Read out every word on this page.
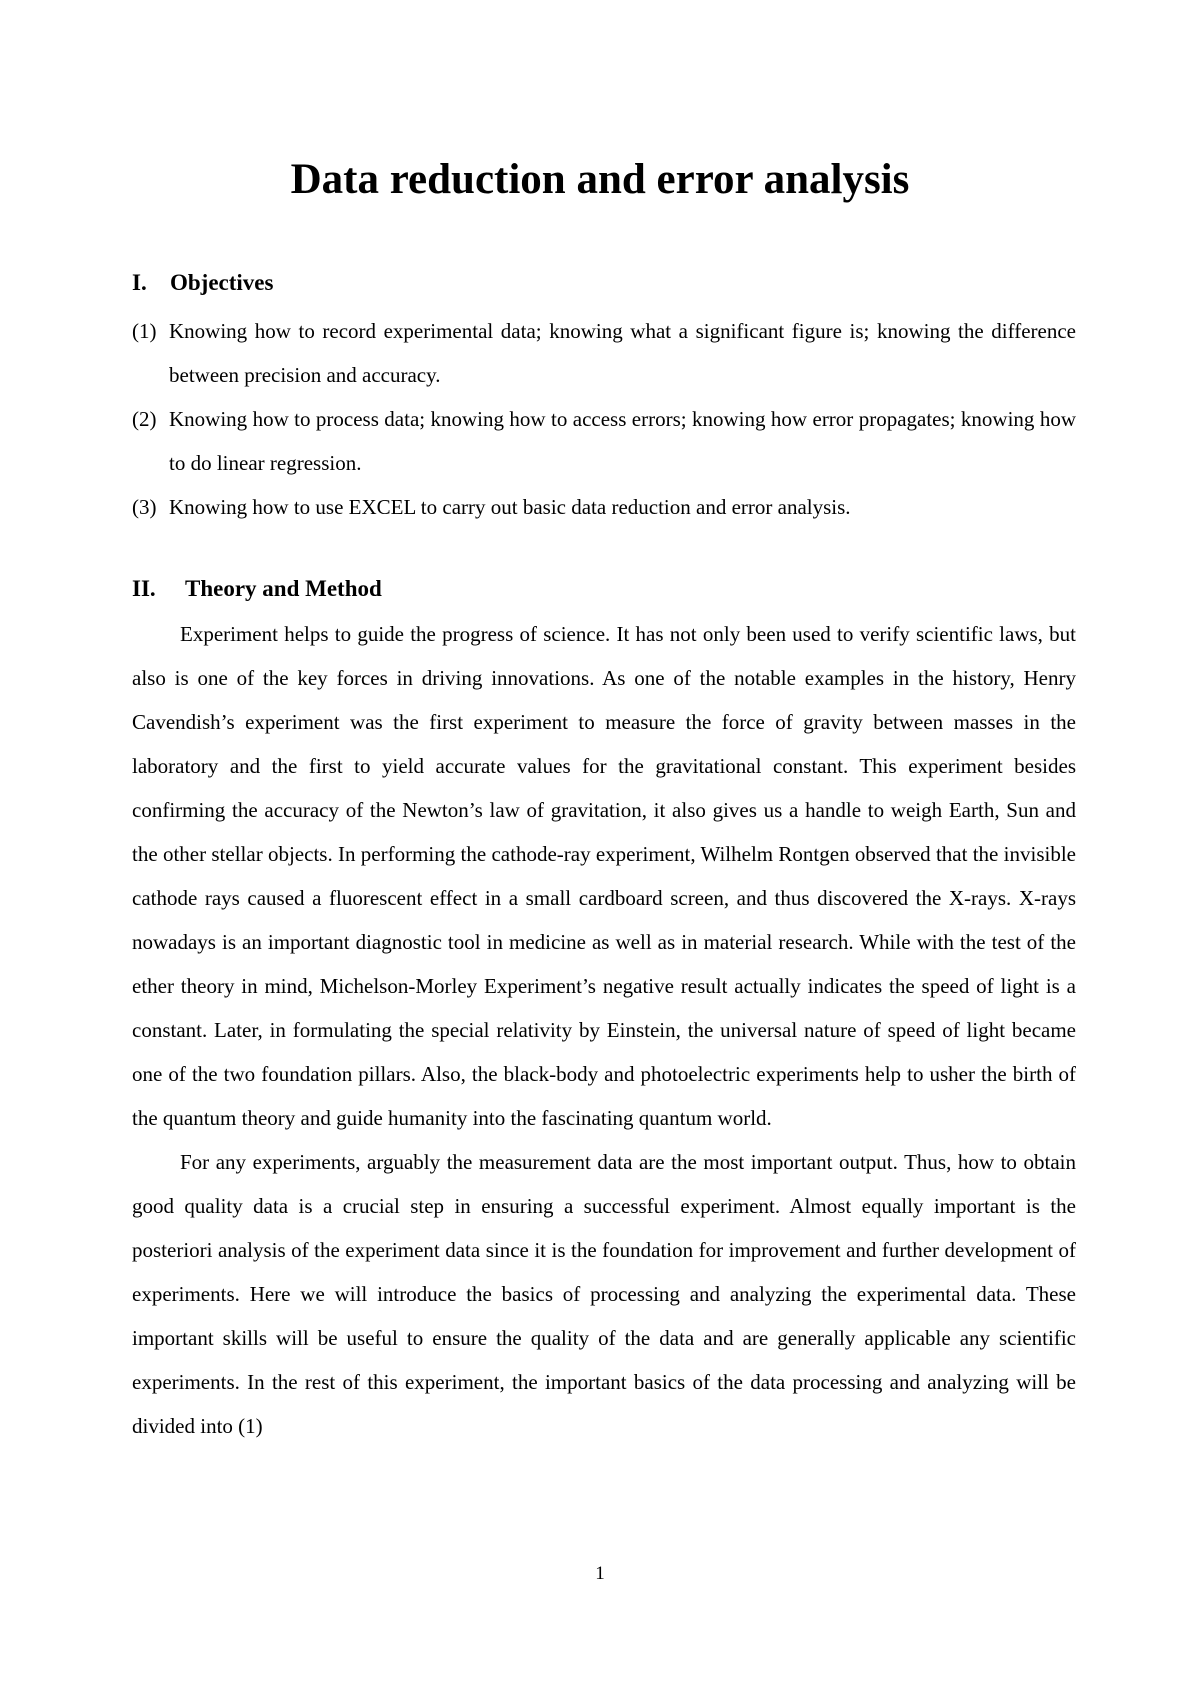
Data reduction and error analysis
I. Objectives
(1) Knowing how to record experimental data; knowing what a significant figure is; knowing the difference between precision and accuracy.
(2) Knowing how to process data; knowing how to access errors; knowing how error propagates; knowing how to do linear regression.
(3) Knowing how to use EXCEL to carry out basic data reduction and error analysis.
II. Theory and Method

Experiment helps to guide the progress of science. It has not only been used to verify scientific laws, but also is one of the key forces in driving innovations. As one of the notable examples in the history, Henry Cavendish’s experiment was the first experiment to measure the force of gravity between masses in the laboratory and the first to yield accurate values for the gravitational constant. This experiment besides confirming the accuracy of the Newton’s law of gravitation, it also gives us a handle to weigh Earth, Sun and the other stellar objects. In performing the cathode-ray experiment, Wilhelm Rontgen observed that the invisible cathode rays caused a fluorescent effect in a small cardboard screen, and thus discovered the X-rays. X-rays nowadays is an important diagnostic tool in medicine as well as in material research. While with the test of the ether theory in mind, Michelson-Morley Experiment’s negative result actually indicates the speed of light is a constant. Later, in formulating the special relativity by Einstein, the universal nature of speed of light became one of the two foundation pillars. Also, the black-body and photoelectric experiments help to usher the birth of the quantum theory and guide humanity into the fascinating quantum world.

For any experiments, arguably the measurement data are the most important output. Thus, how to obtain good quality data is a crucial step in ensuring a successful experiment. Almost equally important is the posteriori analysis of the experiment data since it is the foundation for improvement and further development of experiments. Here we will introduce the basics of processing and analyzing the experimental data. These important skills will be useful to ensure the quality of the data and are generally applicable any scientific experiments. In the rest of this experiment, the important basics of the data processing and analyzing will be divided into (1)

1
